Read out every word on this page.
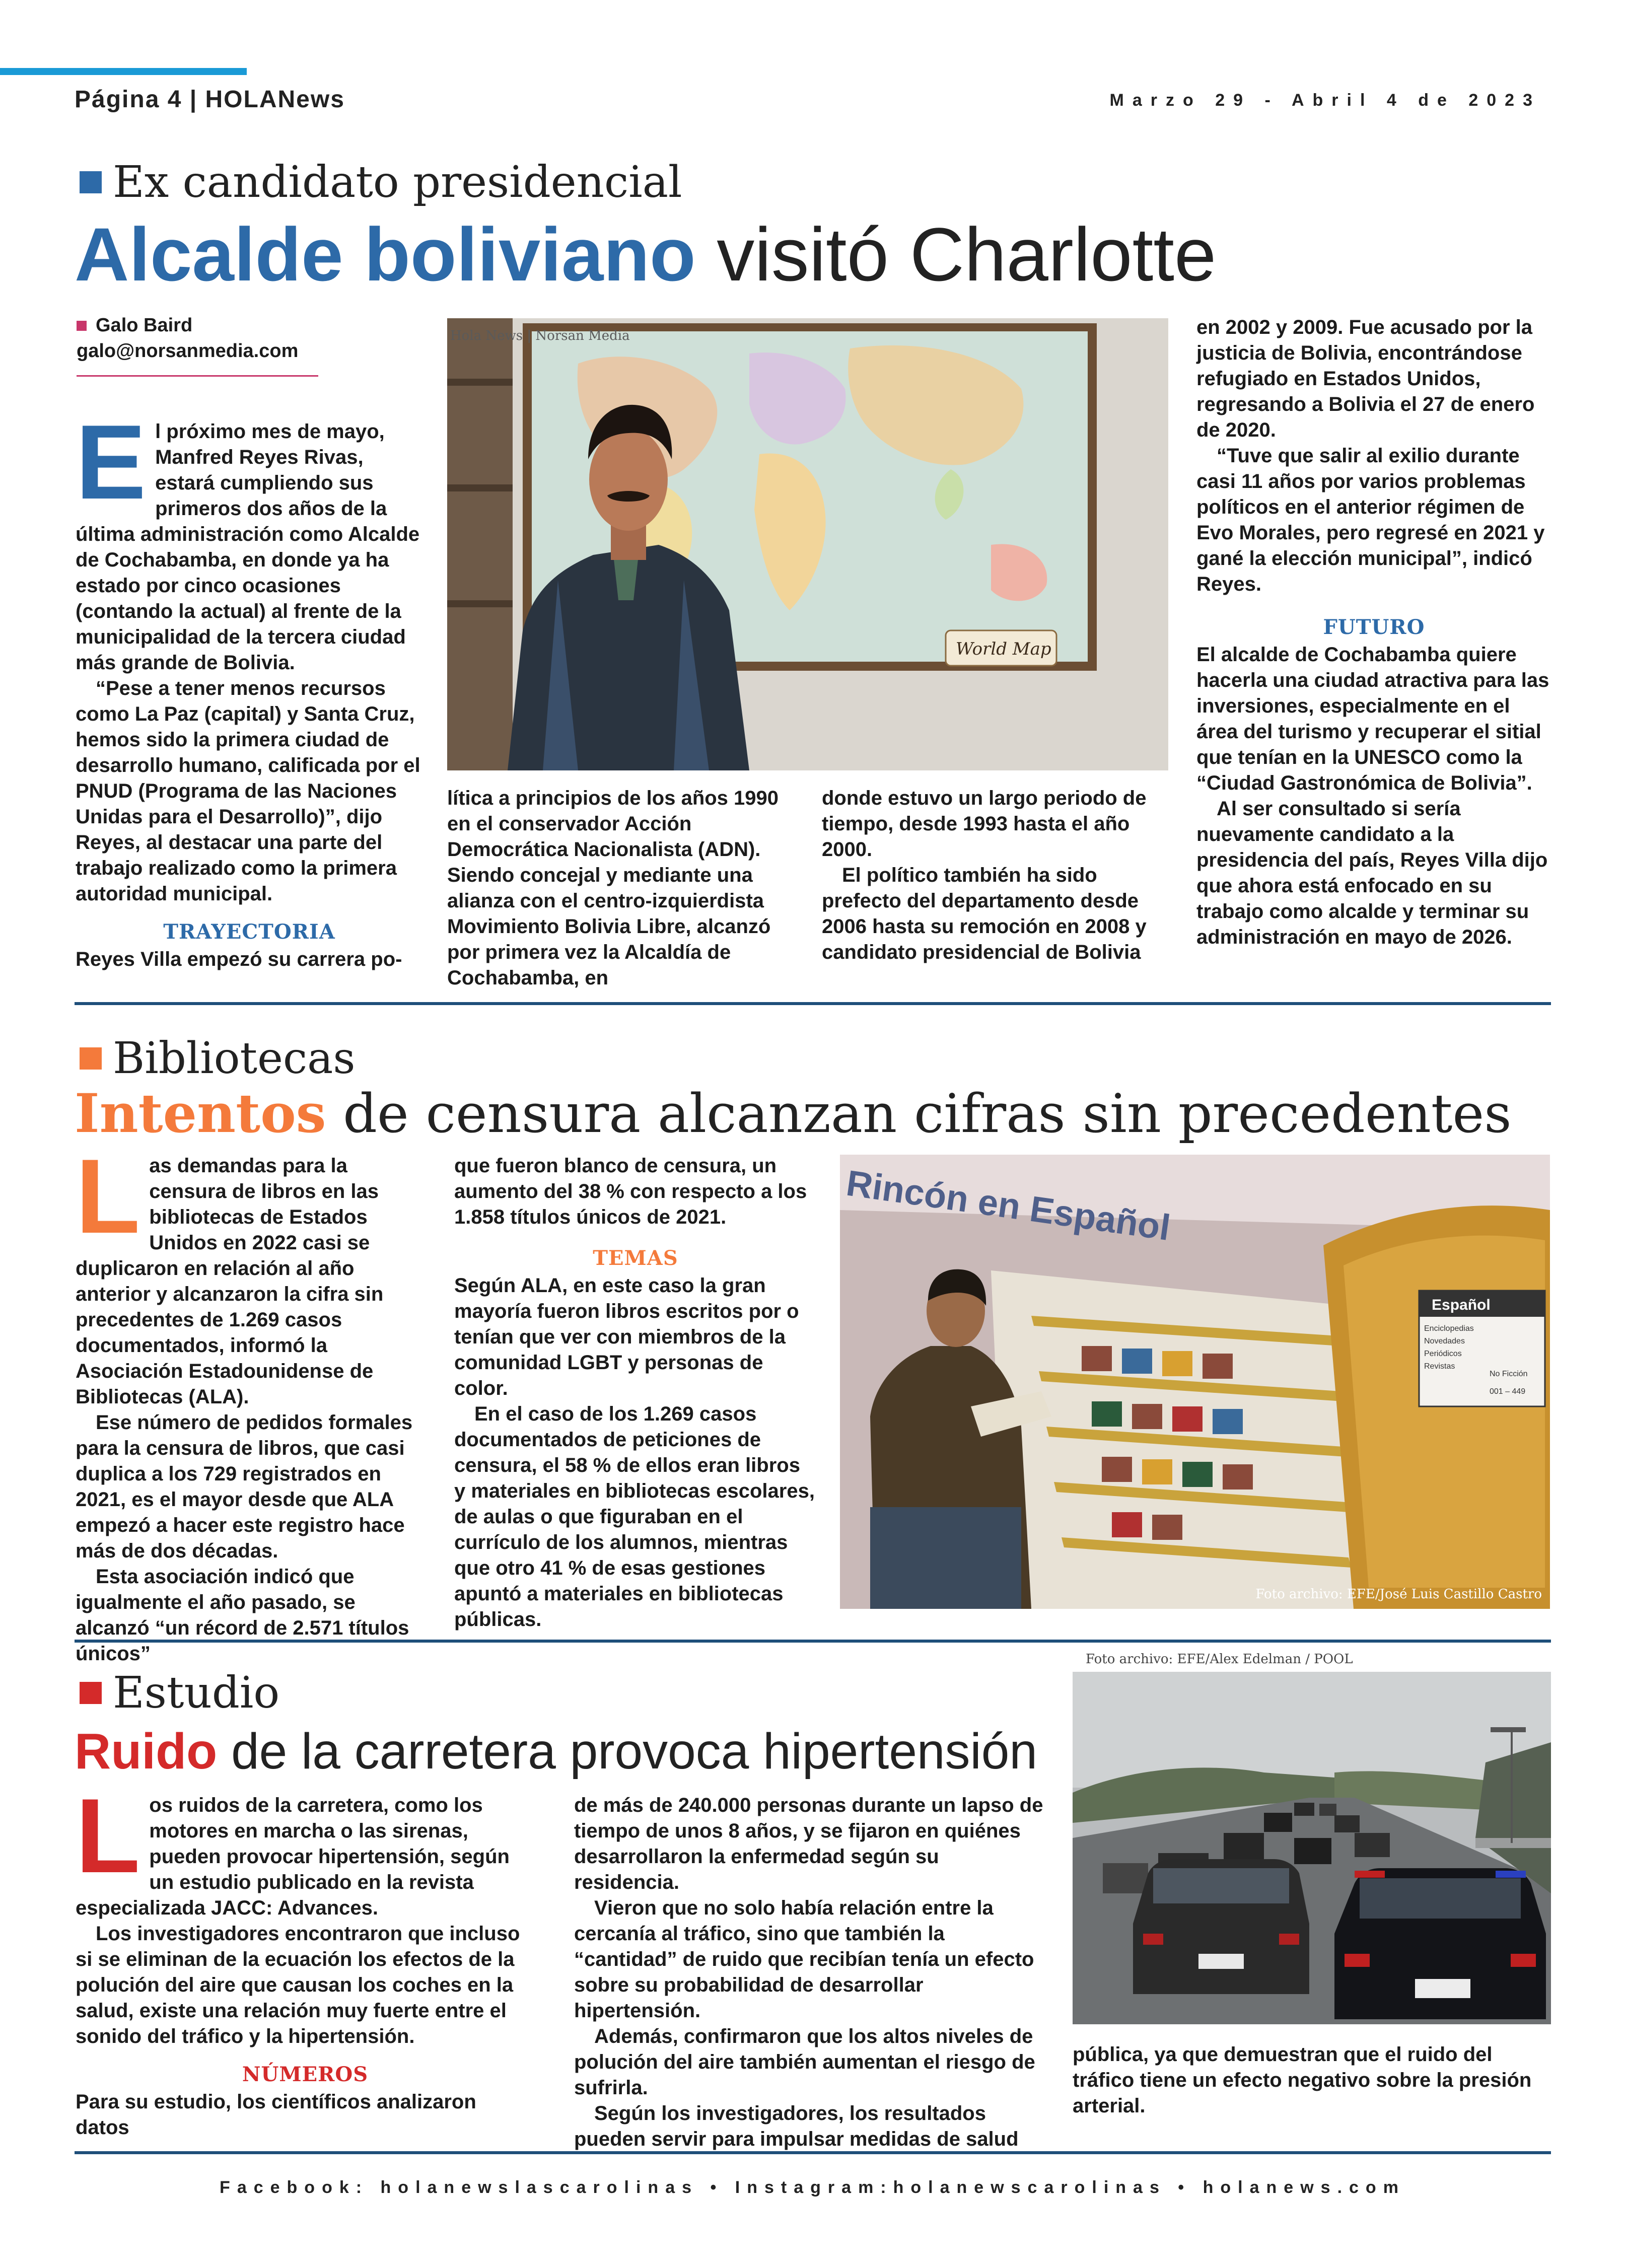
Página 4 | HOLANews	Marzo 29 - Abril 4 de 2023
Ex candidato presidencial
Alcalde boliviano visitó Charlotte
Galo Baird
galo@norsanmedia.com
E l próximo mes de mayo, Manfred Reyes Rivas, estará cumpliendo sus primeros dos años de la última administración como Alcalde de Cochabamba, en donde ya ha estado por cinco ocasiones (contando la actual) al frente de la municipalidad de la tercera ciudad más grande de Bolivia.

“Pese a tener menos recursos como La Paz (capital) y Santa Cruz, hemos sido la primera ciudad de desarrollo humano, calificada por el PNUD (Programa de las Naciones Unidas para el Desarrollo)”, dijo Reyes, al destacar una parte del trabajo realizado como la primera autoridad municipal.

TRAYECTORIA

Reyes Villa empezó su carrera po-

World Map
Hola News | Norsan Media

lítica a principios de los años 1990 en el conservador Acción Democrática Nacionalista (ADN). Siendo concejal y mediante una alianza con el centro-izquierdista Movimiento Bolivia Libre, alcanzó por primera vez la Alcaldía de Cochabamba, en

donde estuvo un largo periodo de tiempo, desde 1993 hasta el año 2000.

El político también ha sido prefecto del departamento desde 2006 hasta su remoción en 2008 y candidato presidencial de Bolivia

en 2002 y 2009. Fue acusado por la justicia de Bolivia, encontrándose refugiado en Estados Unidos, regresando a Bolivia el 27 de enero de 2020.

“Tuve que salir al exilio durante casi 11 años por varios problemas políticos en el anterior régimen de Evo Morales, pero regresé en 2021 y gané la elección municipal”, indicó Reyes.

FUTURO

El alcalde de Cochabamba quiere hacerla una ciudad atractiva para las inversiones, especialmente en el área del turismo y recuperar el sitial que tenían en la UNESCO como la “Ciudad Gastronómica de Bolivia”.

Al ser consultado si sería nuevamente candidato a la presidencia del país, Reyes Villa dijo que ahora está enfocado en su trabajo como alcalde y terminar su administración en mayo de 2026.

Bibliotecas
Intentos de censura alcanzan cifras sin precedentes
L as demandas para la censura de libros en las bibliotecas de Estados Unidos en 2022 casi se duplicaron en relación al año anterior y alcanzaron la cifra sin precedentes de 1.269 casos documentados, informó la Asociación Estadounidense de Bibliotecas (ALA).

Ese número de pedidos formales para la censura de libros, que casi duplica a los 729 registrados en 2021, es el mayor desde que ALA empezó a hacer este registro hace más de dos décadas.

Esta asociación indicó que igualmente el año pasado, se alcanzó “un récord de 2.571 títulos únicos”

que fueron blanco de censura, un aumento del 38 % con respecto a los 1.858 títulos únicos de 2021.

TEMAS

Según ALA, en este caso la gran mayoría fueron libros escritos por o tenían que ver con miembros de la comunidad LGBT y personas de color.

En el caso de los 1.269 casos documentados de peticiones de censura, el 58 % de ellos eran libros y materiales en bibliotecas escolares, de aulas o que figuraban en el currículo de los alumnos, mientras que otro 41 % de esas gestiones apuntó a materiales en bibliotecas públicas.

Rincón en Español
Español
Enciclopedias
Novedades
Periódicos
Revistas
No Ficción
001 – 449
Foto archivo: EFE/José Luis Castillo Castro
Estudio
Ruido de la carretera provoca hipertensión
L os ruidos de la carretera, como los motores en marcha o las sirenas, pueden provocar hipertensión, según un estudio publicado en la revista especializada JACC: Advances.

Los investigadores encontraron que incluso si se eliminan de la ecuación los efectos de la polución del aire que causan los coches en la salud, existe una relación muy fuerte entre el sonido del tráfico y la hipertensión.

NÚMEROS

Para su estudio, los científicos analizaron datos

de más de 240.000 personas durante un lapso de tiempo de unos 8 años, y se fijaron en quiénes desarrollaron la enfermedad según su residencia.

Vieron que no solo había relación entre la cercanía al tráfico, sino que también la “cantidad” de ruido que recibían tenía un efecto sobre su probabilidad de desarrollar hipertensión.

Además, confirmaron que los altos niveles de polución del aire también aumentan el riesgo de sufrirla.

Según los investigadores, los resultados pueden servir para impulsar medidas de salud

Foto archivo: EFE/Alex Edelman / POOL

pública, ya que demuestran que el ruido del tráfico tiene un efecto negativo sobre la presión arterial.

Facebook: holanewslascarolinas • Instagram:holanewscarolinas • holanews.com
